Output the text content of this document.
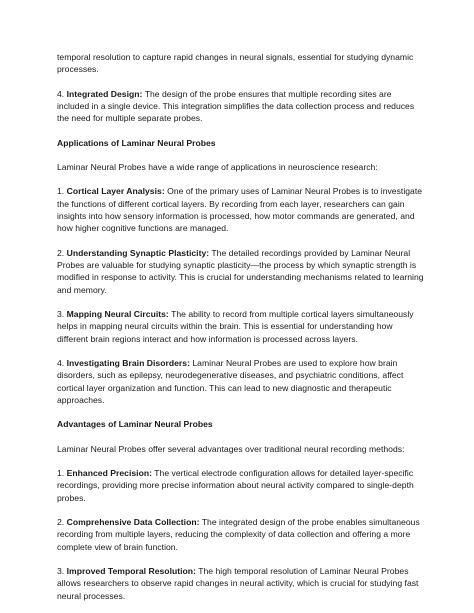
temporal resolution to capture rapid changes in neural signals, essential for studying dynamic processes.

4. Integrated Design: The design of the probe ensures that multiple recording sites are included in a single device. This integration simplifies the data collection process and reduces the need for multiple separate probes.

Applications of Laminar Neural Probes

Laminar Neural Probes have a wide range of applications in neuroscience research:

1. Cortical Layer Analysis: One of the primary uses of Laminar Neural Probes is to investigate the functions of different cortical layers. By recording from each layer, researchers can gain insights into how sensory information is processed, how motor commands are generated, and how higher cognitive functions are managed.

2. Understanding Synaptic Plasticity: The detailed recordings provided by Laminar Neural Probes are valuable for studying synaptic plasticity—the process by which synaptic strength is modified in response to activity. This is crucial for understanding mechanisms related to learning and memory.

3. Mapping Neural Circuits: The ability to record from multiple cortical layers simultaneously helps in mapping neural circuits within the brain. This is essential for understanding how different brain regions interact and how information is processed across layers.

4. Investigating Brain Disorders: Laminar Neural Probes are used to explore how brain disorders, such as epilepsy, neurodegenerative diseases, and psychiatric conditions, affect cortical layer organization and function. This can lead to new diagnostic and therapeutic approaches.

Advantages of Laminar Neural Probes

Laminar Neural Probes offer several advantages over traditional neural recording methods:

1. Enhanced Precision: The vertical electrode configuration allows for detailed layer-specific recordings, providing more precise information about neural activity compared to single-depth probes.

2. Comprehensive Data Collection: The integrated design of the probe enables simultaneous recording from multiple layers, reducing the complexity of data collection and offering a more complete view of brain function.

3. Improved Temporal Resolution: The high temporal resolution of Laminar Neural Probes allows researchers to observe rapid changes in neural activity, which is crucial for studying fast neural processes.
